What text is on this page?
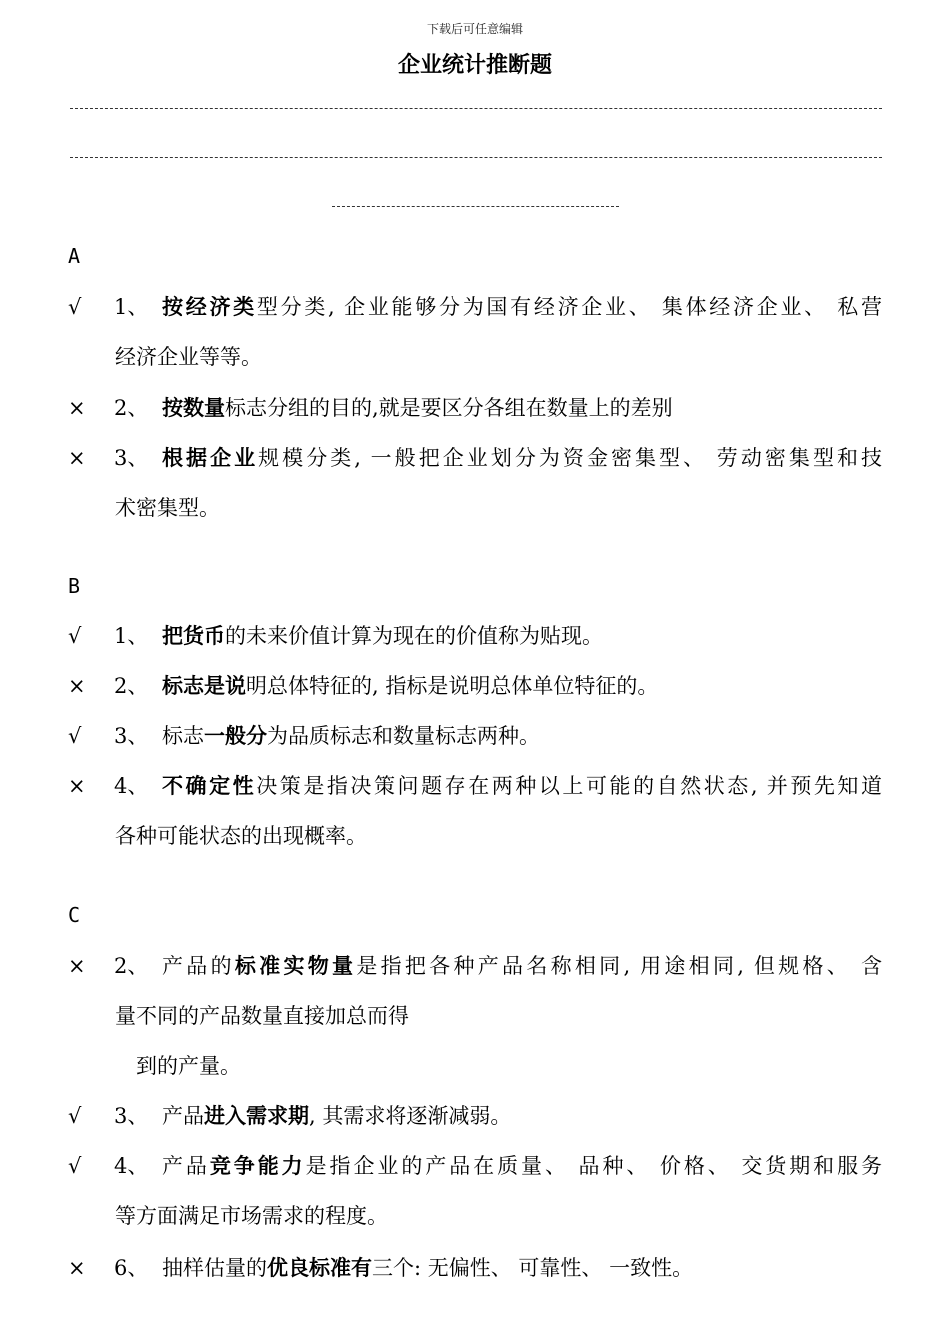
下载后可任意编辑
企业统计推断题
A
√	1、 按经济类型分类, 企业能够分为国有经济企业、 集体经济企业、 私营
经济企业等等。
×	2、 按数量标志分组的目的,就是要区分各组在数量上的差别
×	3、 根据企业规模分类, 一般把企业划分为资金密集型、 劳动密集型和技
术密集型。
B
√	1、 把货币的未来价值计算为现在的价值称为贴现。
×	2、 标志是说明总体特征的, 指标是说明总体单位特征的。
√	3、 标志一般分为品质标志和数量标志两种。
×	4、 不确定性决策是指决策问题存在两种以上可能的自然状态, 并预先知道
各种可能状态的出现概率。
C
×	2、 产品的标准实物量是指把各种产品名称相同, 用途相同, 但规格、 含
量不同的产品数量直接加总而得
到的产量。
√	3、 产品进入需求期, 其需求将逐渐减弱。
√	4、 产品竞争能力是指企业的产品在质量、 品种、 价格、 交货期和服务
等方面满足市场需求的程度。
×	6、 抽样估量的优良标准有三个: 无偏性、 可靠性、 一致性。
